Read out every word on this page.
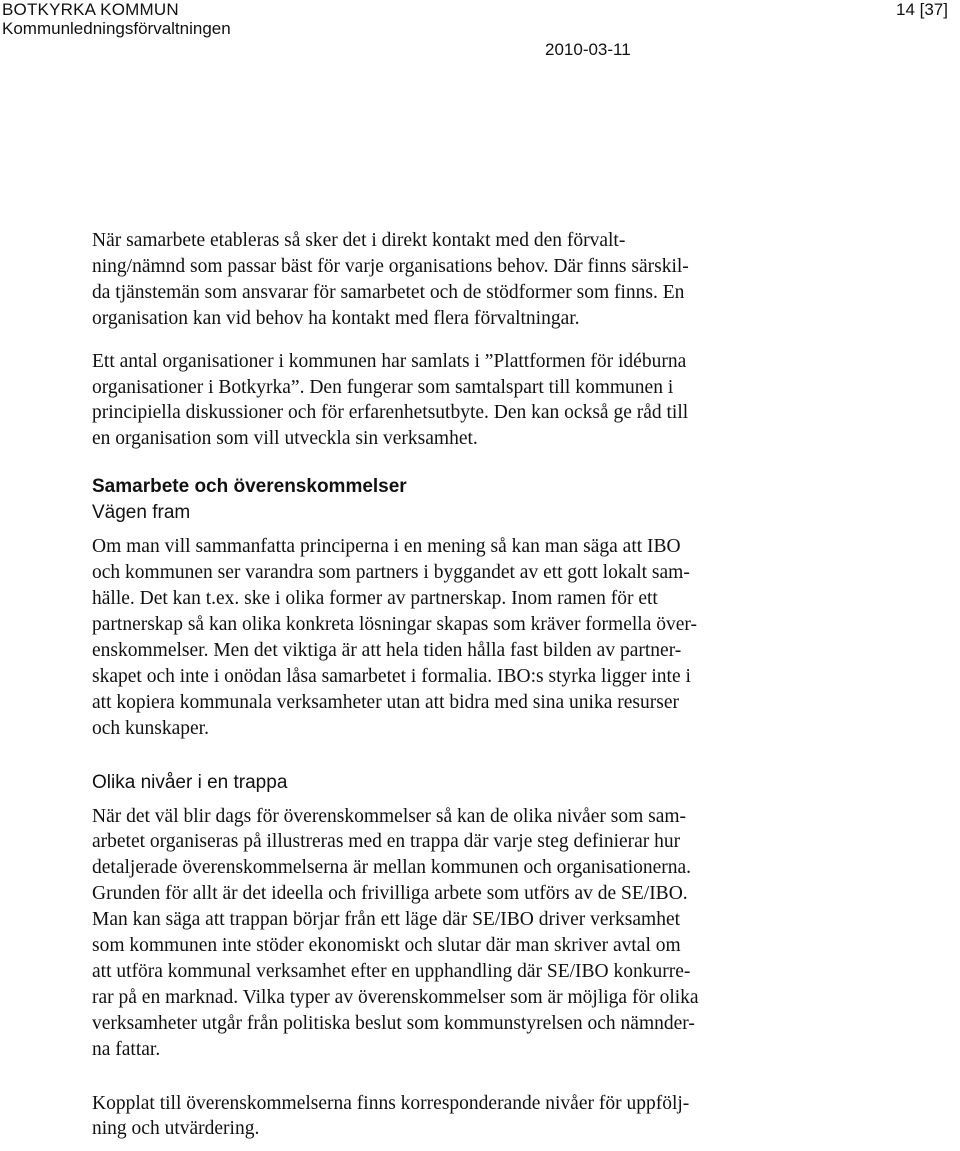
BOTKYRKA KOMMUN
Kommunledningsförvaltningen
14 [37]
2010-03-11

När samarbete etableras så sker det i direkt kontakt med den förvalt-
ning/nämnd som passar bäst för varje organisations behov. Där finns särskil-
da tjänstemän som ansvarar för samarbetet och de stödformer som finns. En
organisation kan vid behov ha kontakt med flera förvaltningar.

Ett antal organisationer i kommunen har samlats i ”Plattformen för idéburna
organisationer i Botkyrka”. Den fungerar som samtalspart till kommunen i
principiella diskussioner och för erfarenhetsutbyte. Den kan också ge råd till
en organisation som vill utveckla sin verksamhet.

Samarbete och överenskommelser
Vägen fram

Om man vill sammanfatta principerna i en mening så kan man säga att IBO
och kommunen ser varandra som partners i byggandet av ett gott lokalt sam-
hälle. Det kan t.ex. ske i olika former av partnerskap. Inom ramen för ett
partnerskap så kan olika konkreta lösningar skapas som kräver formella över-
enskommelser. Men det viktiga är att hela tiden hålla fast bilden av partner-
skapet och inte i onödan låsa samarbetet i formalia. IBO:s styrka ligger inte i
att kopiera kommunala verksamheter utan att bidra med sina unika resurser
och kunskaper.

Olika nivåer i en trappa

När det väl blir dags för överenskommelser så kan de olika nivåer som sam-
arbetet organiseras på illustreras med en trappa där varje steg definierar hur
detaljerade överenskommelserna är mellan kommunen och organisationerna.
Grunden för allt är det ideella och frivilliga arbete som utförs av de SE/IBO.
Man kan säga att trappan börjar från ett läge där SE/IBO driver verksamhet
som kommunen inte stöder ekonomiskt och slutar där man skriver avtal om
att utföra kommunal verksamhet efter en upphandling där SE/IBO konkurre-
rar på en marknad. Vilka typer av överenskommelser som är möjliga för olika
verksamheter utgår från politiska beslut som kommunstyrelsen och nämnder-
na fattar.

Kopplat till överenskommelserna finns korresponderande nivåer för uppfölj-
ning och utvärdering.
